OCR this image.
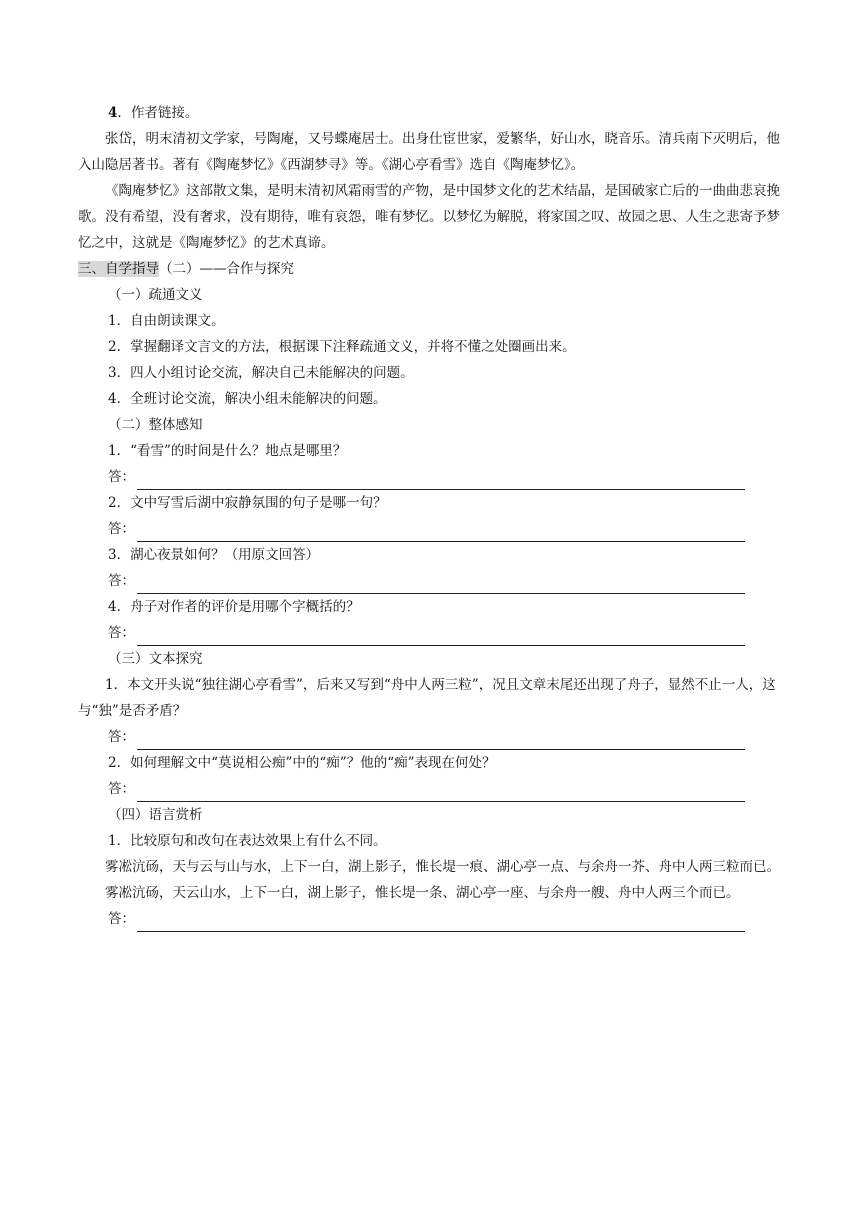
4．作者链接。
张岱，明末清初文学家，号陶庵，又号蝶庵居士。出身仕宦世家，爱繁华，好山水，晓音乐。清兵南下灭明后，他入山隐居著书。著有《陶庵梦忆》《西湖梦寻》等。《湖心亭看雪》选自《陶庵梦忆》。
《陶庵梦忆》这部散文集，是明末清初风霜雨雪的产物，是中国梦文化的艺术结晶，是国破家亡后的一曲曲悲哀挽歌。没有希望，没有奢求，没有期待，唯有哀怨，唯有梦忆。以梦忆为解脱，将家国之叹、故园之思、人生之悲寄予梦忆之中，这就是《陶庵梦忆》的艺术真谛。
三、自学指导（二）——合作与探究
（一）疏通文义
1．自由朗读课文。
2．掌握翻译文言文的方法，根据课下注释疏通文义，并将不懂之处圈画出来。
3．四人小组讨论交流，解决自己未能解决的问题。
4．全班讨论交流，解决小组未能解决的问题。
（二）整体感知
1．“看雪”的时间是什么？地点是哪里？
答：
2．文中写雪后湖中寂静氛围的句子是哪一句？
答：
3．湖心夜景如何？（用原文回答）
答：
4．舟子对作者的评价是用哪个字概括的？
答：
（三）文本探究
1．本文开头说“独往湖心亭看雪”，后来又写到“舟中人两三粒”，况且文章末尾还出现了舟子，显然不止一人，这与“独”是否矛盾？
答：
2．如何理解文中“莫说相公痴”中的“痴”？他的“痴”表现在何处？
答：
（四）语言赏析
1．比较原句和改句在表达效果上有什么不同。
雾凇沆砀，天与云与山与水，上下一白，湖上影子，惟长堤一痕、湖心亭一点、与余舟一芥、舟中人两三粒而已。
雾凇沆砀，天云山水，上下一白，湖上影子，惟长堤一条、湖心亭一座、与余舟一艘、舟中人两三个而已。
答：
